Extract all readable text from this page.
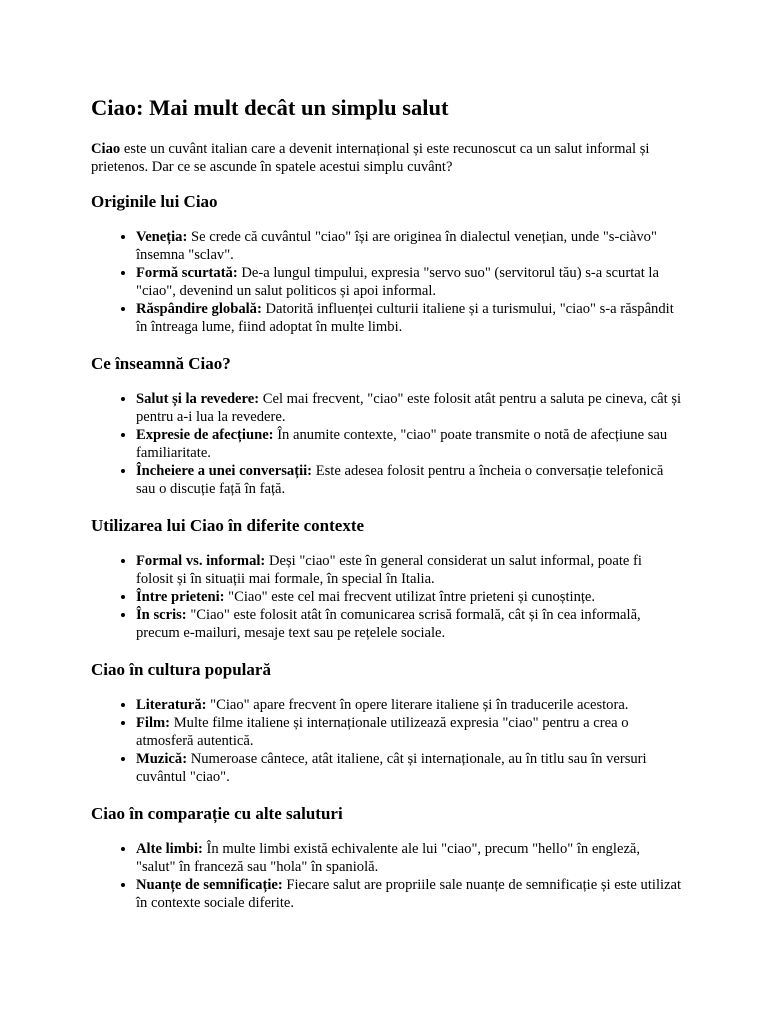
Ciao: Mai mult decât un simplu salut

Ciao este un cuvânt italian care a devenit internațional și este recunoscut ca un salut informal și prietenos. Dar ce se ascunde în spatele acestui simplu cuvânt?

Originile lui Ciao
• Veneția: Se crede că cuvântul "ciao" își are originea în dialectul venețian, unde "s-ciàvo" însemna "sclav".
• Formă scurtată: De-a lungul timpului, expresia "servo suo" (servitorul tău) s-a scurtat la "ciao", devenind un salut politicos și apoi informal.
• Răspândire globală: Datorită influenței culturii italiene și a turismului, "ciao" s-a răspândit în întreaga lume, fiind adoptat în multe limbi.
Ce înseamnă Ciao?
• Salut și la revedere: Cel mai frecvent, "ciao" este folosit atât pentru a saluta pe cineva, cât și pentru a-i lua la revedere.
• Expresie de afecțiune: În anumite contexte, "ciao" poate transmite o notă de afecțiune sau familiaritate.
• Încheiere a unei conversații: Este adesea folosit pentru a încheia o conversație telefonică sau o discuție față în față.
Utilizarea lui Ciao în diferite contexte
• Formal vs. informal: Deși "ciao" este în general considerat un salut informal, poate fi folosit și în situații mai formale, în special în Italia.
• Între prieteni: "Ciao" este cel mai frecvent utilizat între prieteni și cunoștințe.
• În scris: "Ciao" este folosit atât în comunicarea scrisă formală, cât și în cea informală, precum e-mailuri, mesaje text sau pe rețelele sociale.
Ciao în cultura populară
• Literatură: "Ciao" apare frecvent în opere literare italiene și în traducerile acestora.
• Film: Multe filme italiene și internaționale utilizează expresia "ciao" pentru a crea o atmosferă autentică.
• Muzică: Numeroase cântece, atât italiene, cât și internaționale, au în titlu sau în versuri cuvântul "ciao".
Ciao în comparație cu alte saluturi
• Alte limbi: În multe limbi există echivalente ale lui "ciao", precum "hello" în engleză, "salut" în franceză sau "hola" în spaniolă.
• Nuanțe de semnificație: Fiecare salut are propriile sale nuanțe de semnificație și este utilizat în contexte sociale diferite.
